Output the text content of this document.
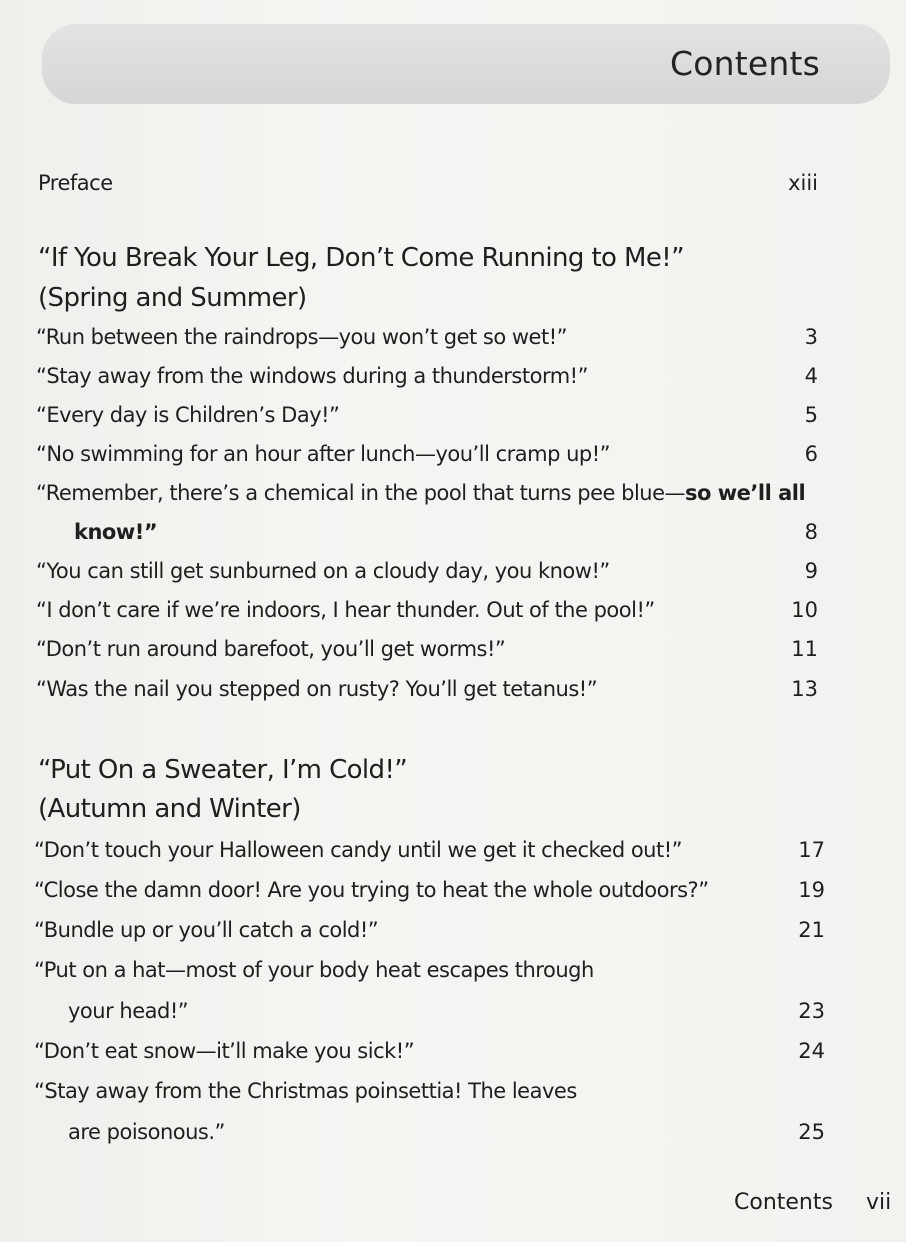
Contents
Preface	xiii
“If You Break Your Leg, Don’t Come Running to Me!”
(Spring and Summer)
“Run between the raindrops—you won’t get so wet!”	3
“Stay away from the windows during a thunderstorm!”	4
“Every day is Children’s Day!”	5
“No swimming for an hour after lunch—you’ll cramp up!”	6
“Remember, there’s a chemical in the pool that turns pee blue—so we’ll all
know!”	8
“You can still get sunburned on a cloudy day, you know!”	9
“I don’t care if we’re indoors, I hear thunder. Out of the pool!”	10
“Don’t run around barefoot, you’ll get worms!”	11
“Was the nail you stepped on rusty? You’ll get tetanus!”	13
“Put On a Sweater, I’m Cold!”
(Autumn and Winter)
“Don’t touch your Halloween candy until we get it checked out!”	17
“Close the damn door! Are you trying to heat the whole outdoors?”	19
“Bundle up or you’ll catch a cold!”	21
“Put on a hat—most of your body heat escapes through
your head!”	23
“Don’t eat snow—it’ll make you sick!”	24
“Stay away from the Christmas poinsettia! The leaves
are poisonous.”	25
Contents vii
